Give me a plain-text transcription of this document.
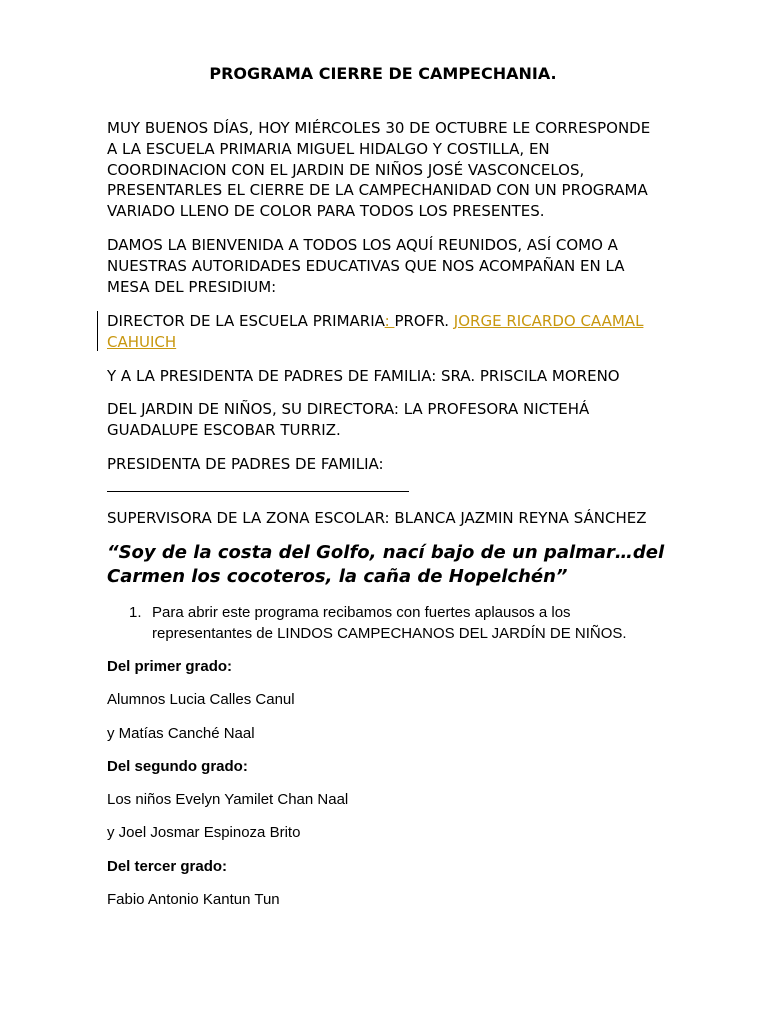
PROGRAMA CIERRE DE CAMPECHANIA.

MUY BUENOS DÍAS, HOY MIÉRCOLES 30 DE OCTUBRE LE CORRESPONDE
A LA ESCUELA PRIMARIA MIGUEL HIDALGO Y COSTILLA, EN
COORDINACION CON EL JARDIN DE NIÑOS JOSÉ VASCONCELOS,
PRESENTARLES EL CIERRE DE LA CAMPECHANIDAD CON UN PROGRAMA
VARIADO LLENO DE COLOR PARA TODOS LOS PRESENTES.

DAMOS LA BIENVENIDA A TODOS LOS AQUÍ REUNIDOS, ASÍ COMO A
NUESTRAS AUTORIDADES EDUCATIVAS QUE NOS ACOMPAÑAN EN LA
MESA DEL PRESIDIUM:

DIRECTOR DE LA ESCUELA PRIMARIA: PROFR. JORGE RICARDO CAAMAL
CAHUICH

Y A LA PRESIDENTA DE PADRES DE FAMILIA: SRA. PRISCILA MORENO

DEL JARDIN DE NIÑOS, SU DIRECTORA: LA PROFESORA NICTEHÁ
GUADALUPE ESCOBAR TURRIZ.

PRESIDENTA DE PADRES DE FAMILIA:

SUPERVISORA DE LA ZONA ESCOLAR: BLANCA JAZMIN REYNA SÁNCHEZ

“Soy de la costa del Golfo, nací bajo de un palmar…del
Carmen los cocoteros, la caña de Hopelchén”

1. Para abrir este programa recibamos con fuertes aplausos a los
representantes de LINDOS CAMPECHANOS DEL JARDÍN DE NIÑOS.

Del primer grado:

Alumnos Lucia Calles Canul

y Matías Canché Naal

Del segundo grado:

Los niños Evelyn Yamilet Chan Naal

y Joel Josmar Espinoza Brito

Del tercer grado:

Fabio Antonio Kantun Tun
